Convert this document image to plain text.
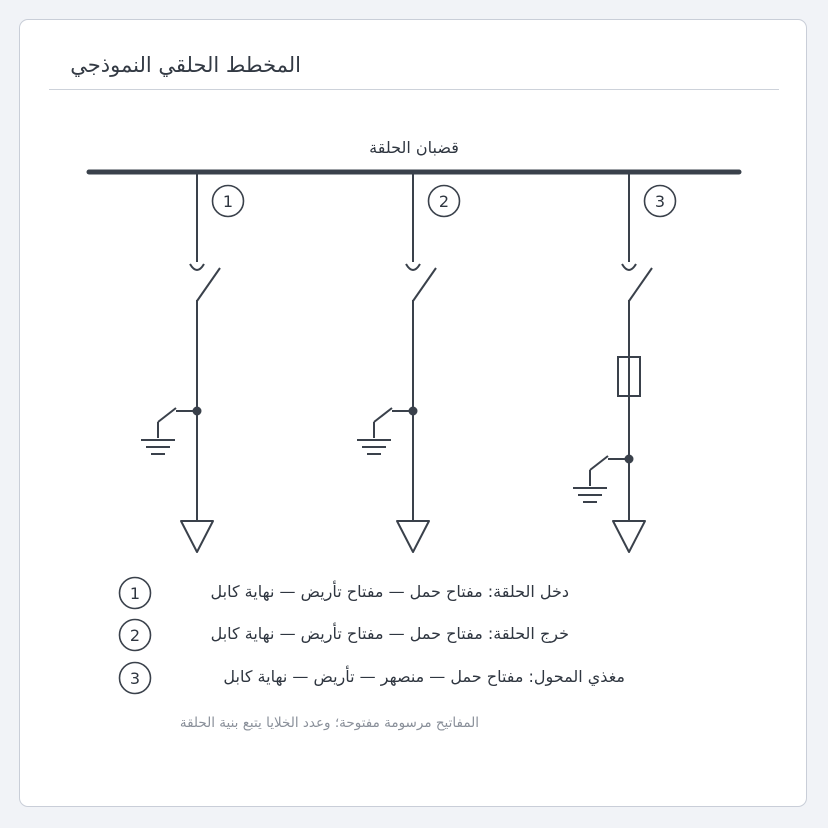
المخطط الحلقي النموذجي
قضبان الحلقة
1	2	3
1
2
3
دخل الحلقة: مفتاح حمل — مفتاح تأريض — نهاية كابل
خرج الحلقة: مفتاح حمل — مفتاح تأريض — نهاية كابل
مغذي المحول: مفتاح حمل — منصهر — تأريض — نهاية كابل
المفاتيح مرسومة مفتوحة؛ وعدد الخلايا يتبع بنية الحلقة
